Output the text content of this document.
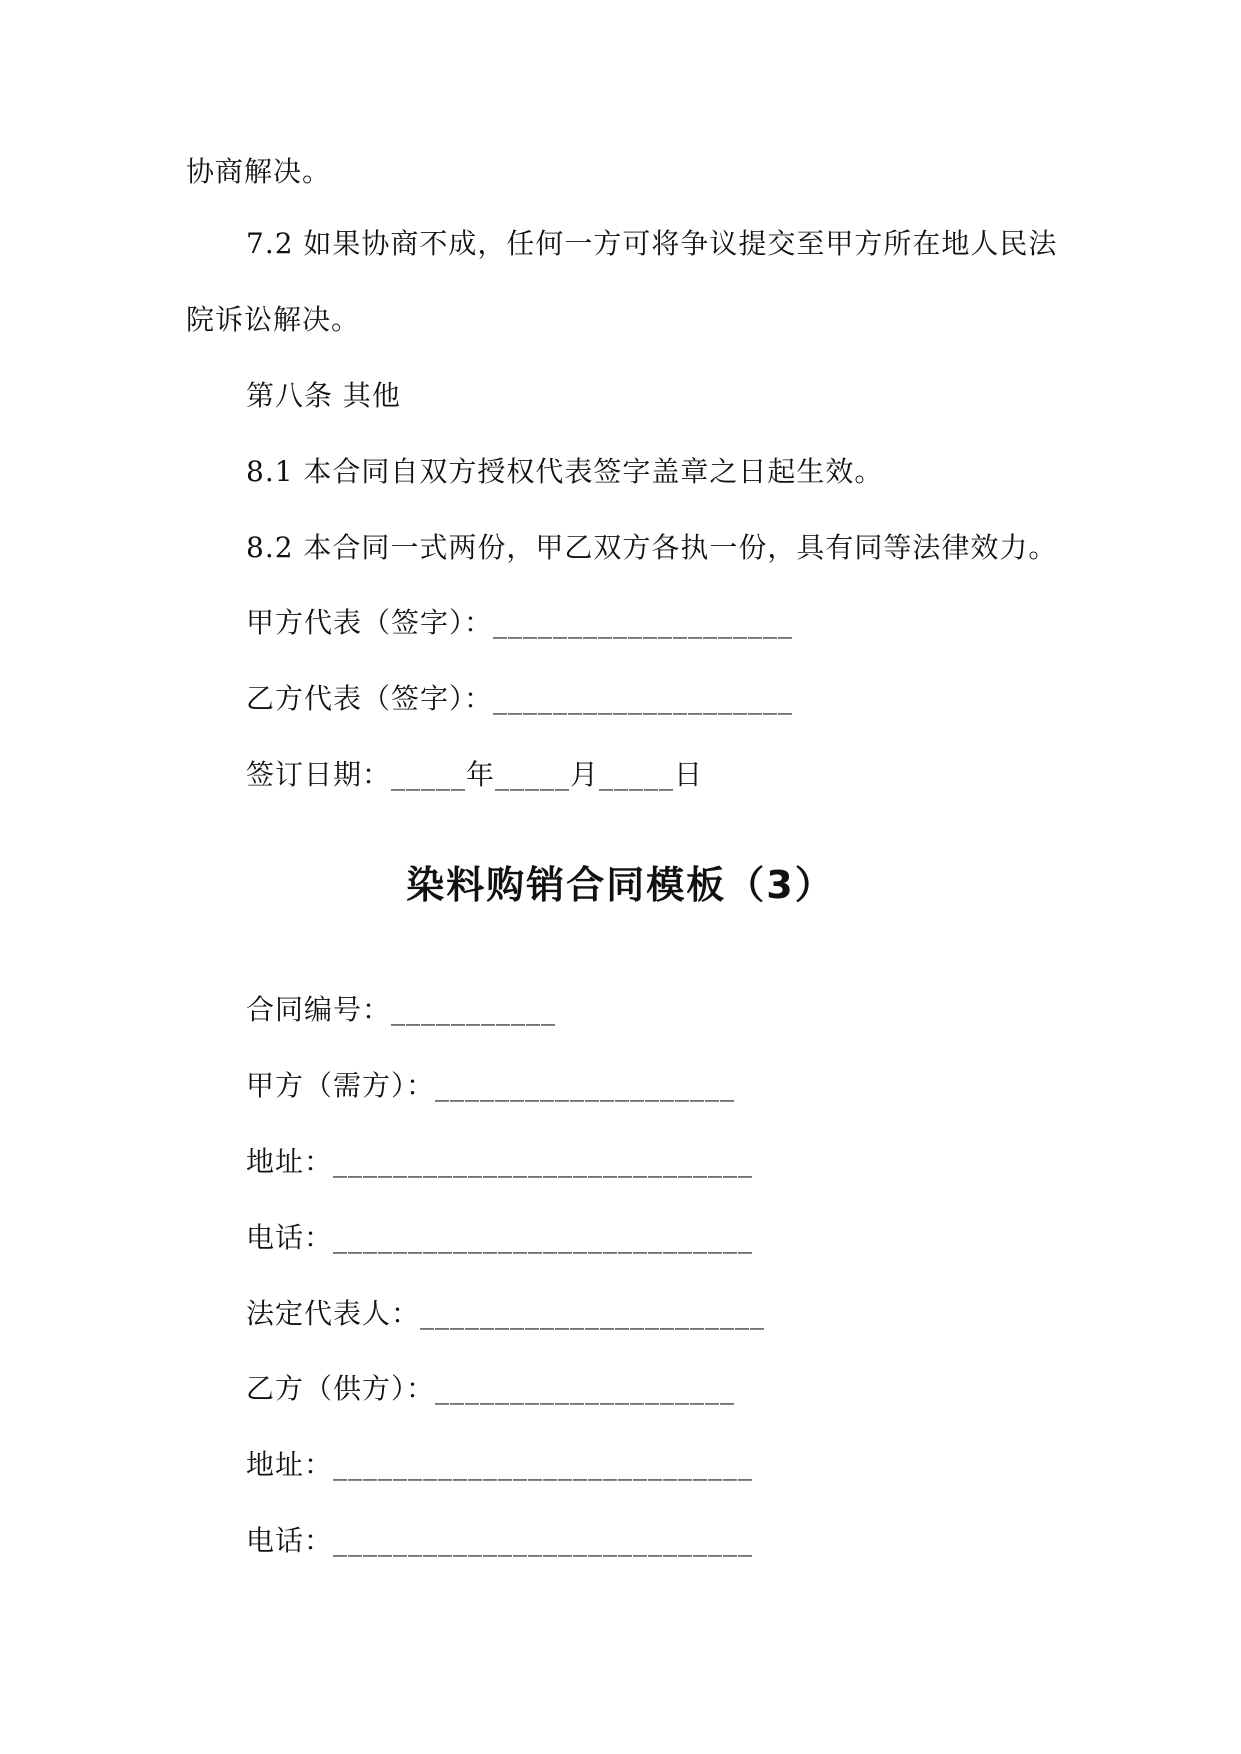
协商解决。
7.2 如果协商不成，任何一方可将争议提交至甲方所在地人民法
院诉讼解决。
第八条 其他
8.1 本合同自双方授权代表签字盖章之日起生效。
8.2 本合同一式两份，甲乙双方各执一份，具有同等法律效力。
甲方代表（签字）：____________________
乙方代表（签字）：____________________
签订日期：_____年_____月_____日
染料购销合同模板（3）
合同编号：___________
甲方（需方）：____________________
地址：____________________________
电话：____________________________
法定代表人：_______________________
乙方（供方）：____________________
地址：____________________________
电话：____________________________
